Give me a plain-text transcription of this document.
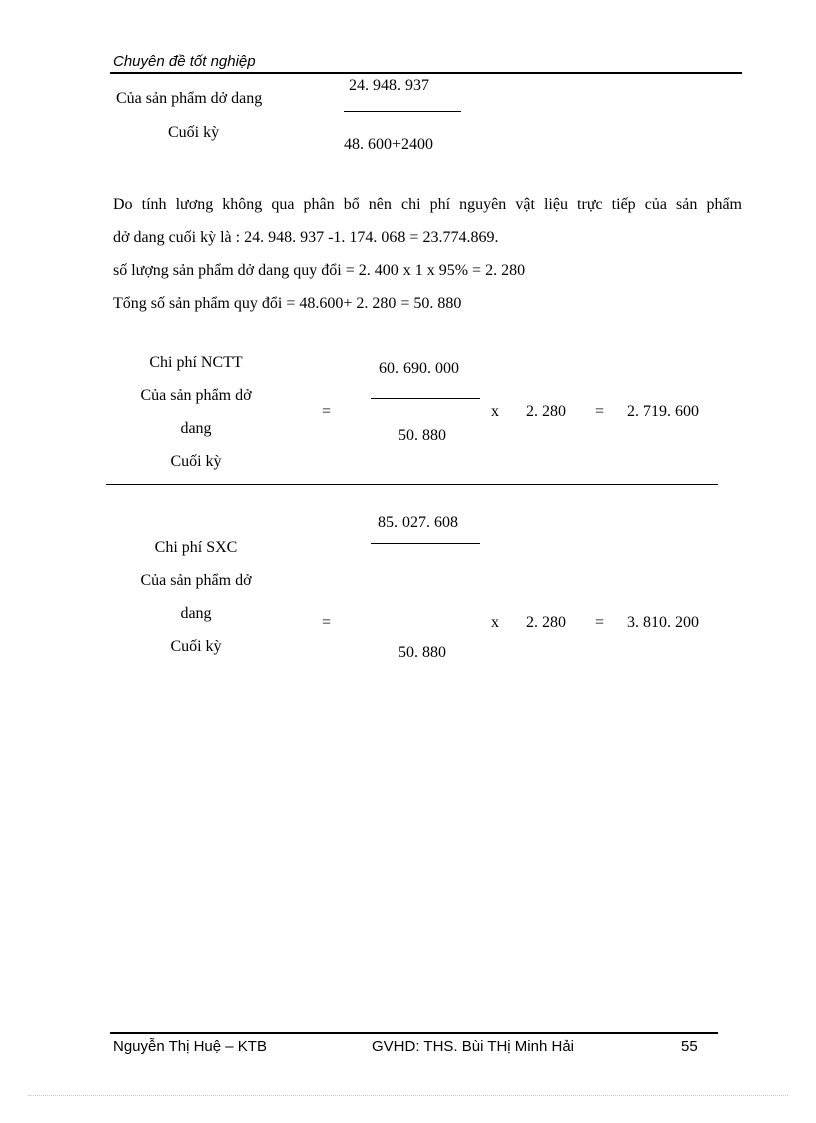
Chuyên đề tốt nghiệp
Của sản phẩm dở dang
Cuối kỳ
24. 948. 937
48. 600+2400
Do tính lương không qua phân bổ nên chi phí nguyên vật liệu trực tiếp của sản phẩm
dở dang cuối kỳ là : 24. 948. 937 -1. 174. 068 = 23.774.869.
số lượng sản phẩm dở dang quy đổi = 2. 400 x 1 x 95% = 2. 280
Tổng số sản phẩm quy đổi = 48.600+ 2. 280 = 50. 880
Chi phí NCTT
Của sản phẩm dở
dang
Cuối kỳ
=
60. 690. 000
50. 880
x 2. 280 = 2. 719. 600
85. 027. 608
Chi phí SXC
Của sản phẩm dở
dang
Cuối kỳ
=	x 2. 280 = 3. 810. 200
50. 880
Nguyễn Thị Huệ – KTB	GVHD: THS. Bùi THị Minh Hải	55
